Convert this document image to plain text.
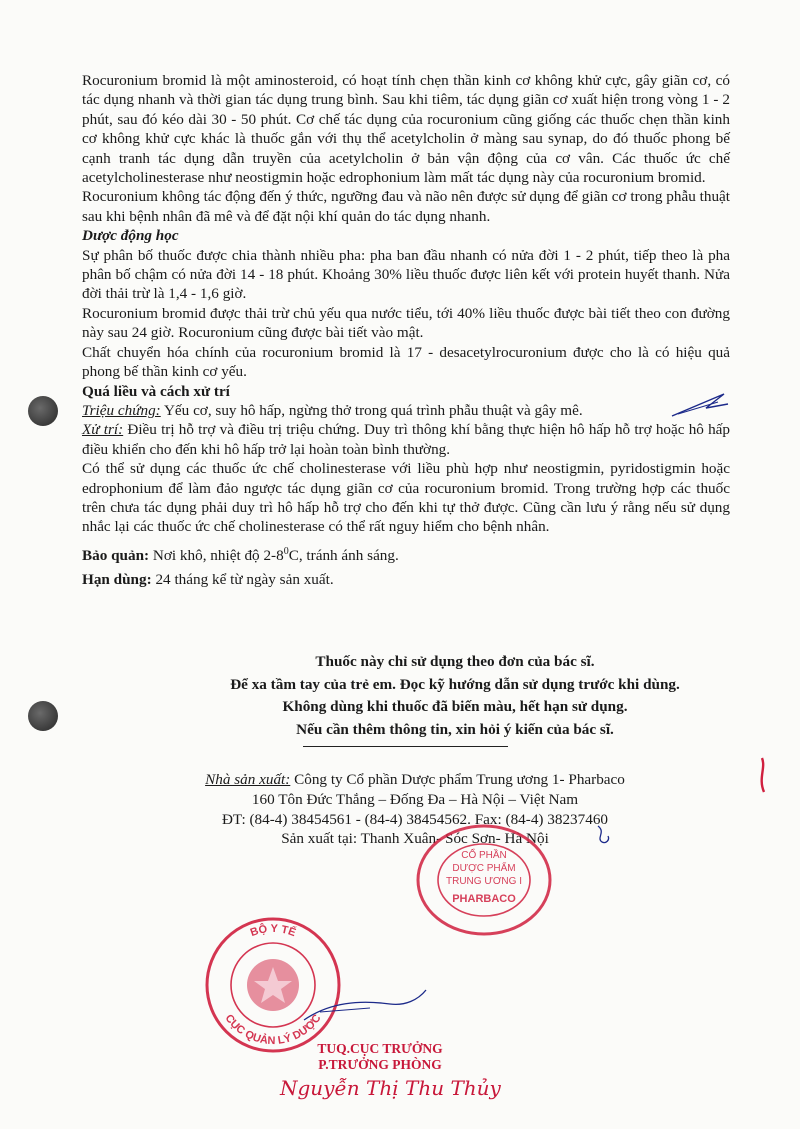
Rocuronium bromid là một aminosteroid, có hoạt tính chẹn thần kinh cơ không khử cực, gây giãn cơ, có tác dụng nhanh và thời gian tác dụng trung bình. Sau khi tiêm, tác dụng giãn cơ xuất hiện trong vòng 1 - 2 phút, sau đó kéo dài 30 - 50 phút. Cơ chế tác dụng của rocuronium cũng giống các thuốc chẹn thần kinh cơ không khử cực khác là thuốc gắn với thụ thể acetylcholin ở màng sau synap, do đó thuốc phong bế cạnh tranh tác dụng dẫn truyền của acetylcholin ở bản vận động của cơ vân. Các thuốc ức chế acetylcholinesterase như neostigmin hoặc edrophonium làm mất tác dụng này của rocuronium bromid.

Rocuronium không tác động đến ý thức, ngưỡng đau và não nên được sử dụng để giãn cơ trong phẫu thuật sau khi bệnh nhân đã mê và để đặt nội khí quản do tác dụng nhanh.

Dược động học

Sự phân bố thuốc được chia thành nhiều pha: pha ban đầu nhanh có nửa đời 1 - 2 phút, tiếp theo là pha phân bố chậm có nửa đời 14 - 18 phút. Khoảng 30% liều thuốc được liên kết với protein huyết thanh. Nửa đời thải trừ là 1,4 - 1,6 giờ.

Rocuronium bromid được thải trừ chủ yếu qua nước tiểu, tới 40% liều thuốc được bài tiết theo con đường này sau 24 giờ. Rocuronium cũng được bài tiết vào mật.

Chất chuyển hóa chính của rocuronium bromid là 17 - desacetylrocuronium được cho là có hiệu quả phong bế thần kinh cơ yếu.

Quá liều và cách xử trí

Triệu chứng: Yếu cơ, suy hô hấp, ngừng thở trong quá trình phẫu thuật và gây mê.

Xử trí: Điều trị hỗ trợ và điều trị triệu chứng. Duy trì thông khí bằng thực hiện hô hấp hỗ trợ hoặc hô hấp điều khiển cho đến khi hô hấp trở lại hoàn toàn bình thường.

Có thể sử dụng các thuốc ức chế cholinesterase với liều phù hợp như neostigmin, pyridostigmin hoặc edrophonium để làm đảo ngược tác dụng giãn cơ của rocuronium bromid. Trong trường hợp các thuốc trên chưa tác dụng phải duy trì hô hấp hỗ trợ cho đến khi tự thở được. Cũng cần lưu ý rằng nếu sử dụng nhắc lại các thuốc ức chế cholinesterase có thể rất nguy hiểm cho bệnh nhân.

Bảo quản: Nơi khô, nhiệt độ $2-8^0C$, tránh ánh sáng.

Hạn dùng: 24 tháng kể từ ngày sản xuất.

Thuốc này chỉ sử dụng theo đơn của bác sĩ.
Để xa tầm tay của trẻ em. Đọc kỹ hướng dẫn sử dụng trước khi dùng.
Không dùng khi thuốc đã biến màu, hết hạn sử dụng.
Nếu cần thêm thông tin, xin hỏi ý kiến của bác sĩ.
Nhà sản xuất: Công ty Cổ phần Dược phẩm Trung ương 1- Pharbaco
160 Tôn Đức Thắng – Đống Đa – Hà Nội – Việt Nam
ĐT: (84-4) 38454561 - (84-4) 38454562. Fax: (84-4) 38237460
Sản xuất tại: Thanh Xuân- Sóc Sơn- Hà Nội
CỔ PHẦN
DƯỢC PHẨM
TRUNG ƯƠNG I
PHARBACO
BỘ Y TẾ
CỤC QUẢN LÝ DƯỢC
TUQ.CỤC TRƯỞNG
P.TRƯỞNG PHÒNG
Nguyễn Thị Thu Thủy
